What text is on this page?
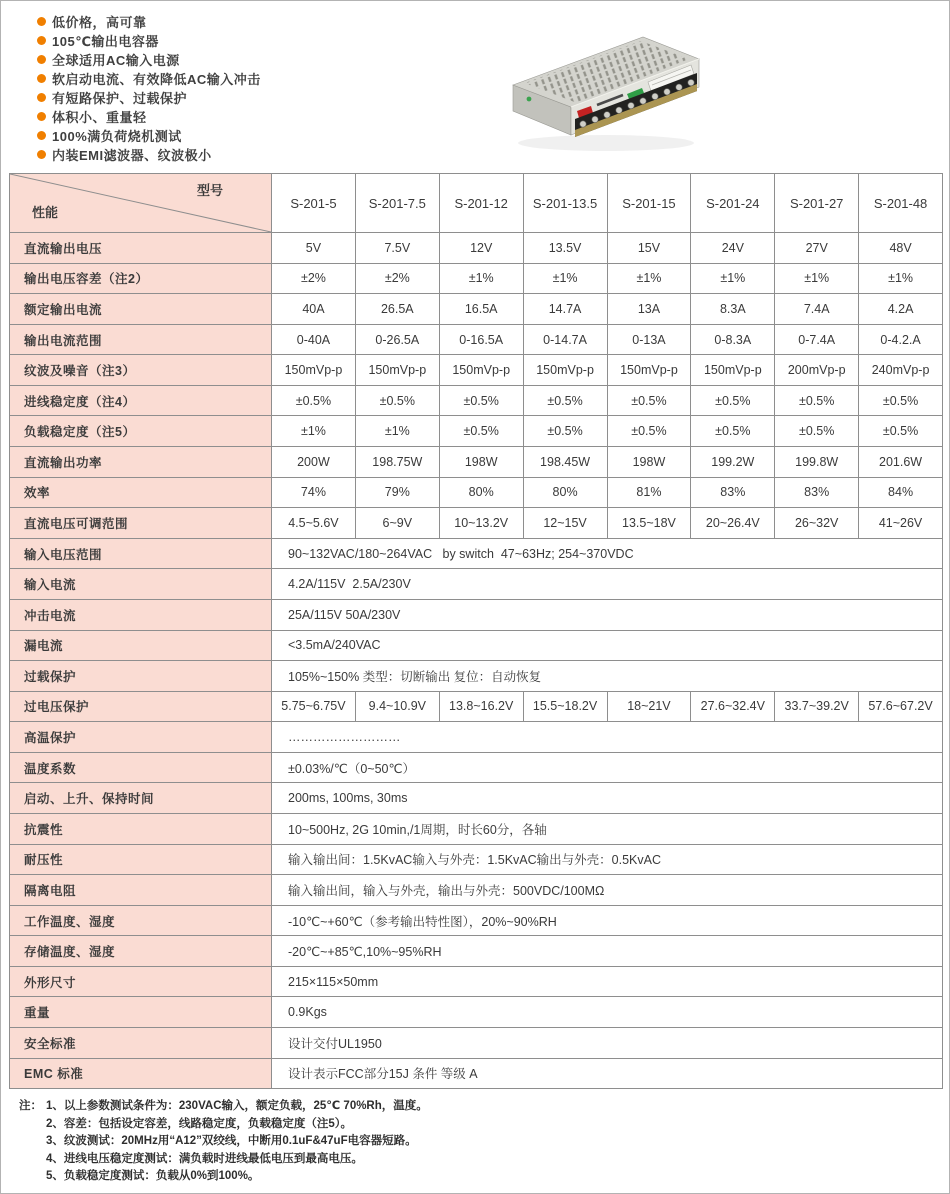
低价格，高可靠
105℃输出电容器
全球适用AC输入电源
软启动电流、有效降低AC输入冲击
有短路保护、过载保护
体积小、重量轻
100%满负荷烧机测试
内装EMI滤波器、纹波极小
型号
性能
S-201-5	S-201-7.5	S-201-12	S-201-13.5	S-201-15	S-201-24	S-201-27	S-201-48
直流输出电压	5V	7.5V	12V	13.5V	15V	24V	27V	48V
输出电压容差（注2）	±2%	±2%	±1%	±1%	±1%	±1%	±1%	±1%
额定输出电流	40A	26.5A	16.5A	14.7A	13A	8.3A	7.4A	4.2A
输出电流范围	0-40A	0-26.5A	0-16.5A	0-14.7A	0-13A	0-8.3A	0-7.4A	0-4.2.A
纹波及噪音（注3）	150mVp-p	150mVp-p	150mVp-p	150mVp-p	150mVp-p	150mVp-p	200mVp-p	240mVp-p
进线稳定度（注4）	±0.5%	±0.5%	±0.5%	±0.5%	±0.5%	±0.5%	±0.5%	±0.5%
负载稳定度（注5）	±1%	±1%	±0.5%	±0.5%	±0.5%	±0.5%	±0.5%	±0.5%
直流输出功率	200W	198.75W	198W	198.45W	198W	199.2W	199.8W	201.6W
效率	74%	79%	80%	80%	81%	83%	83%	84%
直流电压可调范围	4.5~5.6V	6~9V	10~13.2V	12~15V	13.5~18V	20~26.4V	26~32V	41~26V
输入电压范围	90~132VAC/180~264VAC   by switch  47~63Hz; 254~370VDC
输入电流	4.2A/115V  2.5A/230V
冲击电流	25A/115V 50A/230V
漏电流	<3.5mA/240VAC
过载保护	105%~150% 类型：切断输出 复位：自动恢复
过电压保护	5.75~6.75V	9.4~10.9V	13.8~16.2V	15.5~18.2V	18~21V	27.6~32.4V	33.7~39.2V	57.6~67.2V
高温保护	………………………
温度系数	±0.03%/℃（0~50℃）
启动、上升、保持时间	200ms, 100ms, 30ms
抗震性	10~500Hz, 2G 10min,/1周期，时长60分，各轴
耐压性	输入输出间：1.5KvAC输入与外壳：1.5KvAC输出与外壳：0.5KvAC
隔离电阻	输入输出间，输入与外壳，输出与外壳：500VDC/100MΩ
工作温度、湿度	-10℃~+60℃（参考输出特性图），20%~90%RH
存储温度、湿度	-20℃~+85℃,10%~95%RH
外形尺寸	215×115×50mm
重量	0.9Kgs
安全标准	设计交付UL1950
EMC 标准	设计表示FCC部分15J 条件 等级 A
注： 1、以上参数测试条件为：230VAC输入，额定负载，25℃ 70%Rh，温度。
2、容差：包括设定容差，线路稳定度，负载稳定度（注5）。
3、纹波测试：20MHz用“A12”双绞线，中断用0.1uF&47uF电容器短路。
4、进线电压稳定度测试：满负载时进线最低电压到最高电压。
5、负载稳定度测试：负载从0%到100%。
